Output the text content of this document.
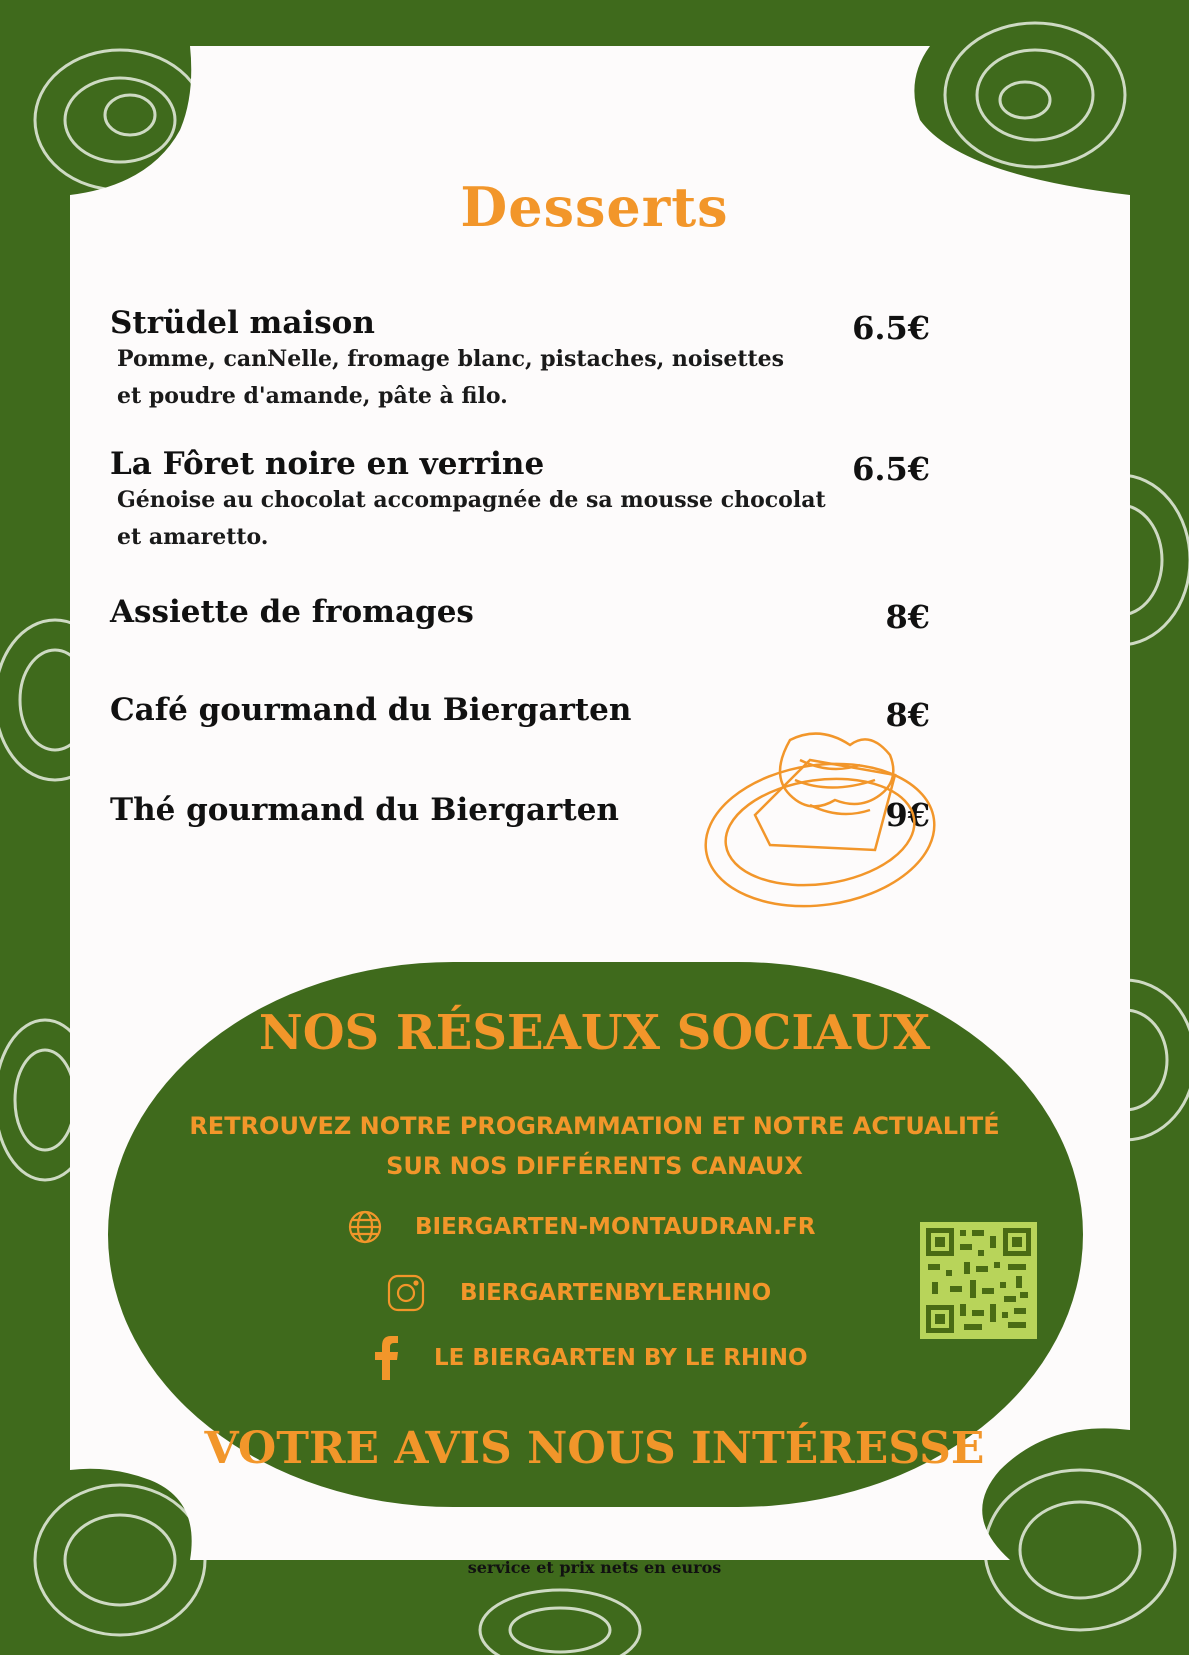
Desserts
Strüdel maison
Pomme, canNelle, fromage blanc, pistaches, noisettes
et poudre d'amande, pâte à filo.
6.5€
La Fôret noire en verrine
Génoise au chocolat accompagnée de sa mousse chocolat
et amaretto.
6.5€
Assiette de fromages	8€
Café gourmand du Biergarten	8€
Thé gourmand du Biergarten	9€
NOS RÉSEAUX SOCIAUX
RETROUVEZ NOTRE PROGRAMMATION ET NOTRE ACTUALITÉ
SUR NOS DIFFÉRENTS CANAUX
BIERGARTEN-MONTAUDRAN.FR
BIERGARTENBYLERHINO
LE BIERGARTEN BY LE RHINO
VOTRE AVIS NOUS INTÉRESSE
service et prix nets en euros
